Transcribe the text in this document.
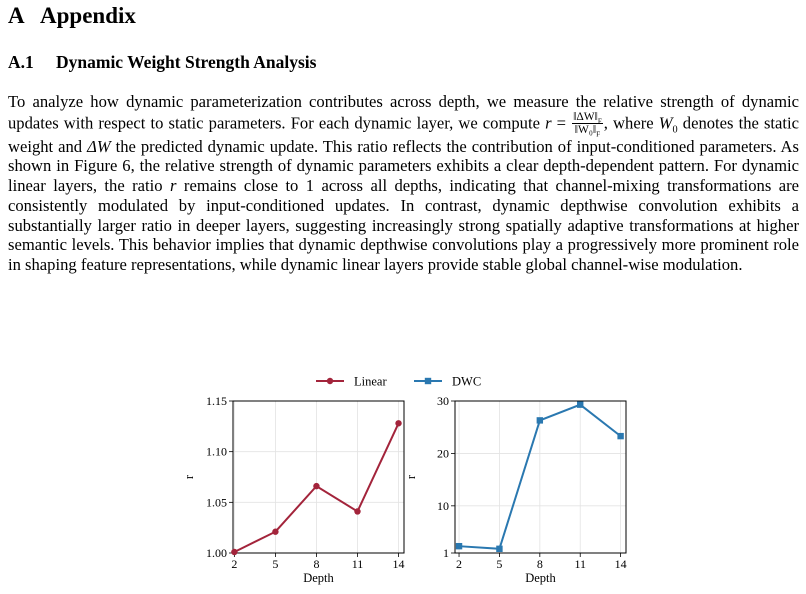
A Appendix
A.1 Dynamic Weight Strength Analysis

To analyze how dynamic parameterization contributes across depth, we measure the relative strength of dynamic updates with respect to static parameters. For each dynamic layer, we compute $r = \frac{‖\Delta W‖_F}{‖W_0‖_F}$ , where $W_0$ denotes the static weight and ΔW the predicted dynamic update. This ratio reflects the contribution of input-conditioned parameters. As shown in Figure 6, the relative strength of dynamic parameters exhibits a clear depth-dependent pattern. For dynamic linear layers, the ratio r remains close to 1 across all depths, indicating that channel-mixing transformations are consistently modulated by input-conditioned updates. In contrast, dynamic depthwise convolution exhibits a substantially larger ratio in deeper layers, suggesting increasingly strong spatially adaptive transformations at higher semantic levels. This behavior implies that dynamic depthwise convolutions play a progressively more prominent role in shaping feature representations, while dynamic linear layers provide stable global channel-wise modulation.

1.00
1.05
1.10
1.15
2	5	8	11 14
Depth
r
1
10
20
30
2	5	8	11 14
Depth
r
Linear	DWC
